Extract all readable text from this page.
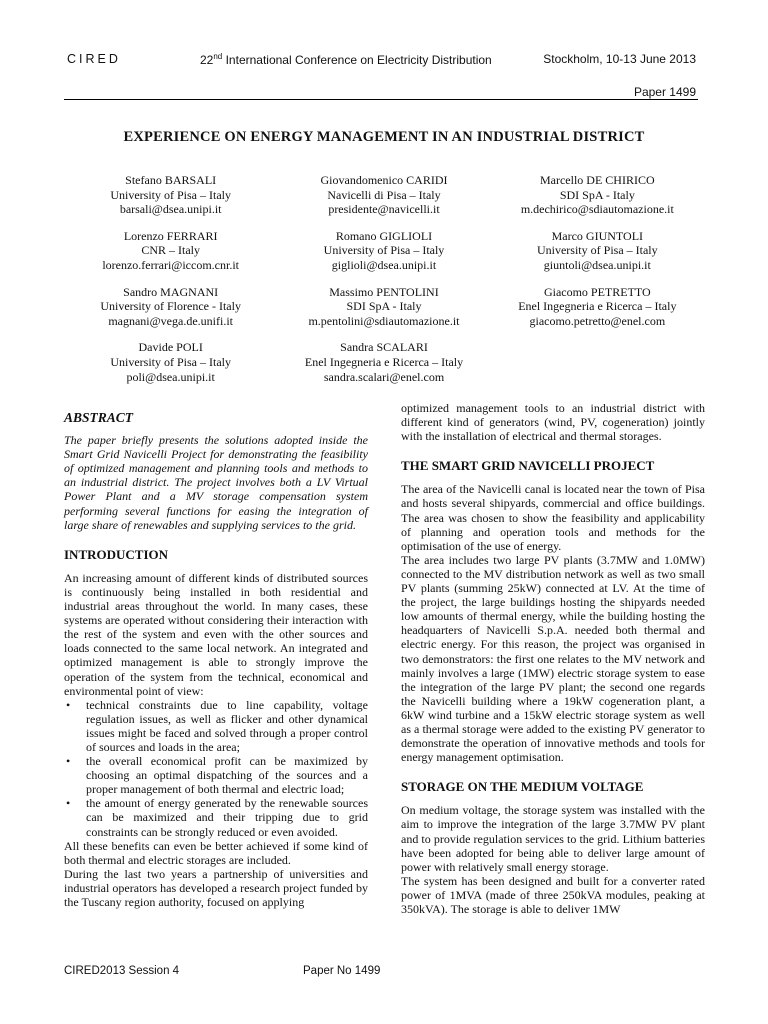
CIRED	22nd International Conference on Electricity Distribution	Stockholm, 10-13 June 2013
Paper 1499
EXPERIENCE ON ENERGY MANAGEMENT IN AN INDUSTRIAL DISTRICT
Stefano BARSALI
University of Pisa – Italy
barsali@dsea.unipi.it
Giovandomenico CARIDI
Navicelli di Pisa – Italy
presidente@navicelli.it
Marcello DE CHIRICO
SDI SpA - Italy
m.dechirico@sdiautomazione.it
Lorenzo FERRARI
CNR – Italy
lorenzo.ferrari@iccom.cnr.it
Romano GIGLIOLI
University of Pisa – Italy
giglioli@dsea.unipi.it
Marco GIUNTOLI
University of Pisa – Italy
giuntoli@dsea.unipi.it
Sandro MAGNANI
University of Florence - Italy
magnani@vega.de.unifi.it
Massimo PENTOLINI
SDI SpA - Italy
m.pentolini@sdiautomazione.it
Giacomo PETRETTO
Enel Ingegneria e Ricerca – Italy
giacomo.petretto@enel.com
Davide POLI
University of Pisa – Italy
poli@dsea.unipi.it
Sandra SCALARI
Enel Ingegneria e Ricerca – Italy
sandra.scalari@enel.com
ABSTRACT

The paper briefly presents the solutions adopted inside the Smart Grid Navicelli Project for demonstrating the feasibility of optimized management and planning tools and methods to an industrial district. The project involves both a LV Virtual Power Plant and a MV storage compensation system performing several functions for easing the integration of large share of renewables and supplying services to the grid.

INTRODUCTION

An increasing amount of different kinds of distributed sources is continuously being installed in both residential and industrial areas throughout the world. In many cases, these systems are operated without considering their interaction with the rest of the system and even with the other sources and loads connected to the same local network. An integrated and optimized management is able to strongly improve the operation of the system from the technical, economical and environmental point of view:

• technical constraints due to line capability, voltage regulation issues, as well as flicker and other dynamical issues might be faced and solved through a proper control of sources and loads in the area;
• the overall economical profit can be maximized by choosing an optimal dispatching of the sources and a proper management of both thermal and electric load;
• the amount of energy generated by the renewable sources can be maximized and their tripping due to grid constraints can be strongly reduced or even avoided.

All these benefits can even be better achieved if some kind of both thermal and electric storages are included.

During the last two years a partnership of universities and industrial operators has developed a research project funded by the Tuscany region authority, focused on applying

optimized management tools to an industrial district with different kind of generators (wind, PV, cogeneration) jointly with the installation of electrical and thermal storages.

THE SMART GRID NAVICELLI PROJECT

The area of the Navicelli canal is located near the town of Pisa and hosts several shipyards, commercial and office buildings. The area was chosen to show the feasibility and applicability of planning and operation tools and methods for the optimisation of the use of energy.

The area includes two large PV plants (3.7MW and 1.0MW) connected to the MV distribution network as well as two small PV plants (summing 25kW) connected at LV. At the time of the project, the large buildings hosting the shipyards needed low amounts of thermal energy, while the building hosting the headquarters of Navicelli S.p.A. needed both thermal and electric energy. For this reason, the project was organised in two demonstrators: the first one relates to the MV network and mainly involves a large (1MW) electric storage system to ease the integration of the large PV plant; the second one regards the Navicelli building where a 19kW cogeneration plant, a 6kW wind turbine and a 15kW electric storage system as well as a thermal storage were added to the existing PV generator to demonstrate the operation of innovative methods and tools for energy management optimisation.

STORAGE ON THE MEDIUM VOLTAGE

On medium voltage, the storage system was installed with the aim to improve the integration of the large 3.7MW PV plant and to provide regulation services to the grid. Lithium batteries have been adopted for being able to deliver large amount of power with relatively small energy storage.

The system has been designed and built for a converter rated power of 1MVA (made of three 250kVA modules, peaking at 350kVA). The storage is able to deliver 1MW

CIRED2013 Session 4	Paper No 1499
